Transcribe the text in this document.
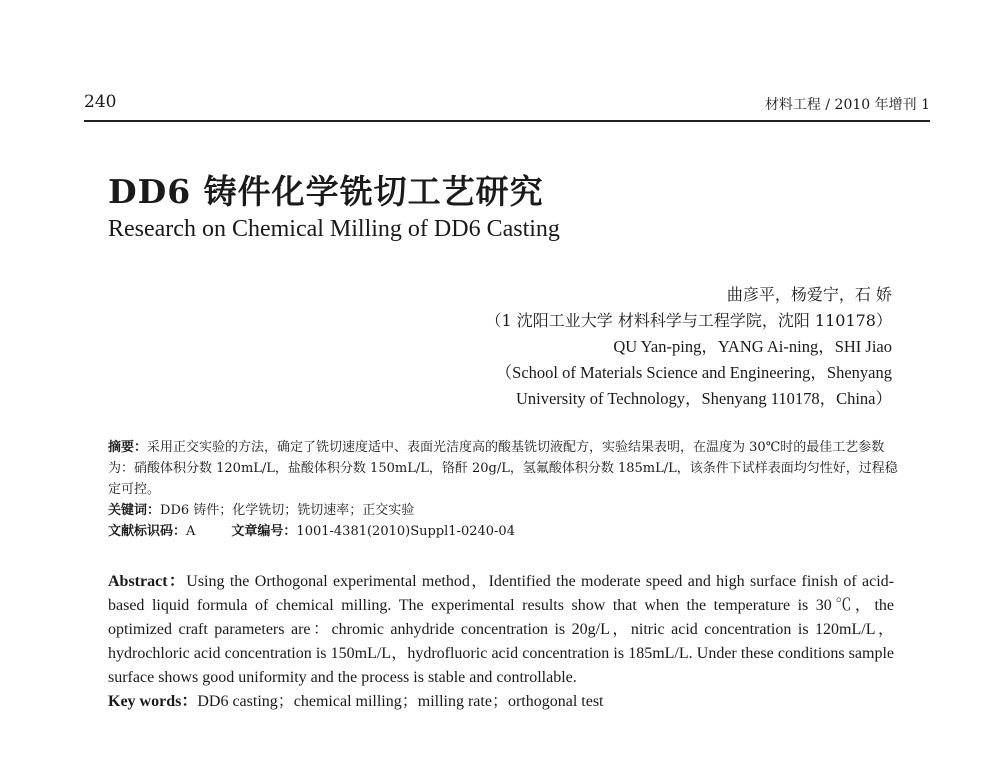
240	材料工程 / 2010 年增刊 1
DD6 铸件化学铣切工艺研究
Research on Chemical Milling of DD6 Casting
曲彦平，杨爱宁，石 娇
（1 沈阳工业大学 材料科学与工程学院，沈阳 110178）
QU Yan-ping，YANG Ai-ning，SHI Jiao
（School of Materials Science and Engineering，Shenyang
University of Technology，Shenyang 110178，China）

摘要：采用正交实验的方法，确定了铣切速度适中、表面光洁度高的酸基铣切液配方，实验结果表明，在温度为 30℃时的最佳工艺参数为：硝酸体积分数 120mL/L，盐酸体积分数 150mL/L，铬酐 20g/L，氢氟酸体积分数 185mL/L，该条件下试样表面均匀性好，过程稳定可控。

关键词：DD6 铸件；化学铣切；铣切速率；正交实验

文献标识码：A	文章编号：1001-4381(2010)Suppl1-0240-04

Abstract：Using the Orthogonal experimental method，Identified the moderate speed and high surface finish of acid-based liquid formula of chemical milling. The experimental results show that when the temperature is 30℃，the optimized craft parameters are：chromic anhydride concentration is 20g/L，nitric acid concentration is 120mL/L，hydrochloric acid concentration is 150mL/L，hydrofluoric acid concentration is 185mL/L. Under these conditions sample surface shows good uniformity and the process is stable and controllable.

Key words：DD6 casting；chemical milling；milling rate；orthogonal test
